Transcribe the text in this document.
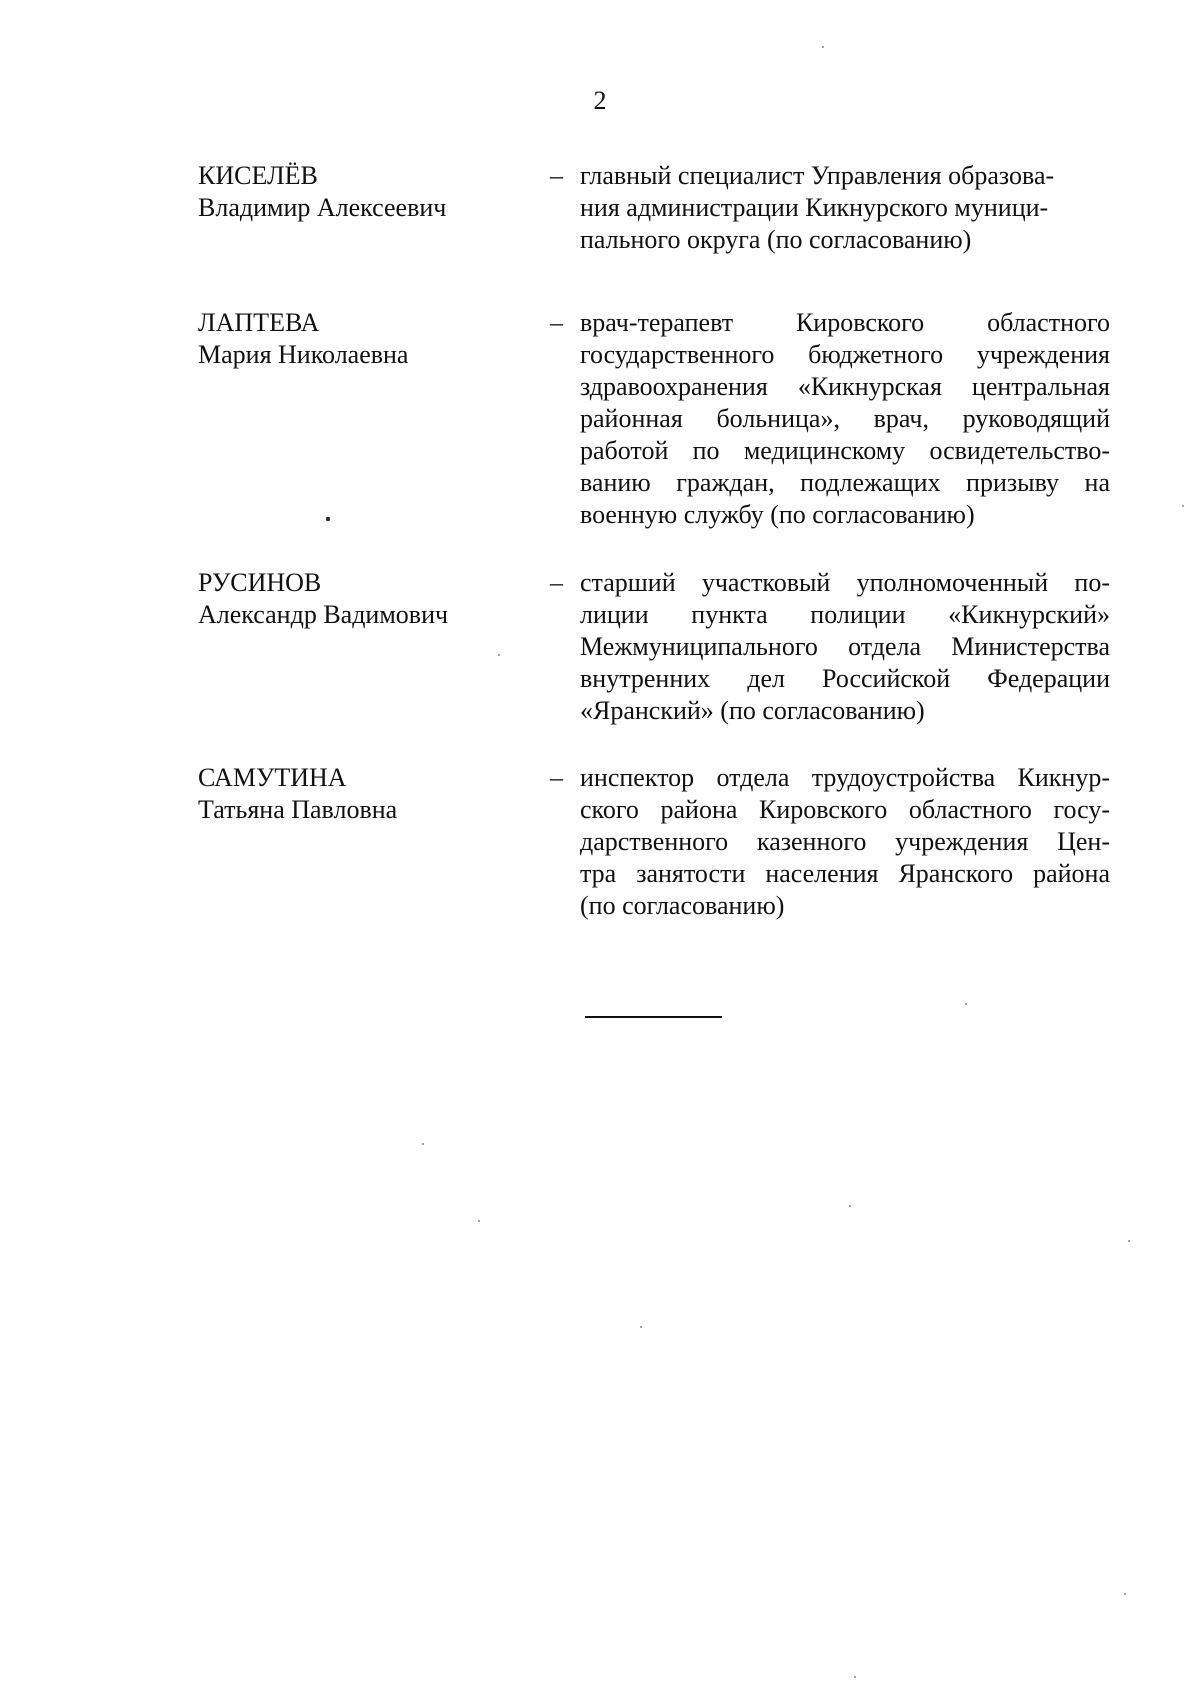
2
КИСЕЛЁВ
Владимир Алексеевич
– главный специалист Управления образова-
ния администрации Кикнурского муници-
пального округа (по согласованию)
ЛАПТЕВА
Мария Николаевна
– врач-терапевт Кировского областного
государственного бюджетного учреждения
здравоохранения «Кикнурская центральная
районная больница», врач, руководящий
работой по медицинскому освидетельство-
ванию граждан, подлежащих призыву на
военную службу (по согласованию)
РУСИНОВ
Александр Вадимович
– старший участковый уполномоченный по-
лиции пункта полиции «Кикнурский»
Межмуниципального отдела Министерства
внутренних дел Российской Федерации
«Яранский» (по согласованию)
САМУТИНА
Татьяна Павловна
– инспектор отдела трудоустройства Кикнур-
ского района Кировского областного госу-
дарственного казенного учреждения Цен-
тра занятости населения Яранского района
(по согласованию)
